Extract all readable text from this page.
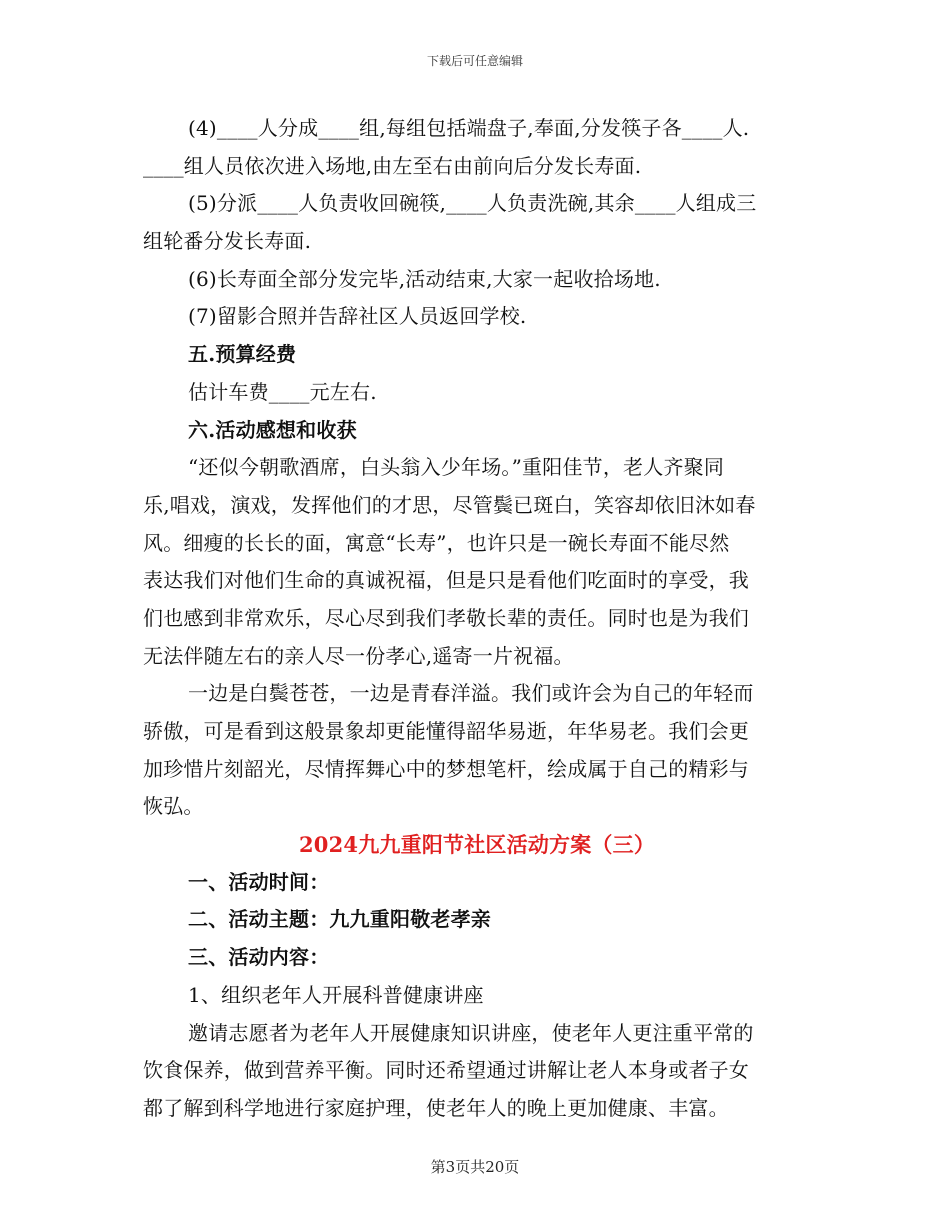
下载后可任意编辑
(4)____人分成____组,每组包括端盘子,奉面,分发筷子各____人.
____组人员依次进入场地,由左至右由前向后分发长寿面.
(5)分派____人负责收回碗筷,____人负责洗碗,其余____人组成三
组轮番分发长寿面.
(6)长寿面全部分发完毕,活动结束,大家一起收拾场地.
(7)留影合照并告辞社区人员返回学校.
五.预算经费
估计车费____元左右.
六.活动感想和收获
“还似今朝歌酒席，白头翁入少年场。”重阳佳节，老人齐聚同
乐,唱戏，演戏，发挥他们的才思，尽管鬓已斑白，笑容却依旧沐如春
风。细瘦的长长的面，寓意“长寿”，也许只是一碗长寿面不能尽然
表达我们对他们生命的真诚祝福，但是只是看他们吃面时的享受，我
们也感到非常欢乐，尽心尽到我们孝敬长辈的责任。同时也是为我们
无法伴随左右的亲人尽一份孝心,遥寄一片祝福。
一边是白鬓苍苍，一边是青春洋溢。我们或许会为自己的年轻而
骄傲，可是看到这般景象却更能懂得韶华易逝，年华易老。我们会更
加珍惜片刻韶光，尽情挥舞心中的梦想笔杆，绘成属于自己的精彩与
恢弘。
2024九九重阳节社区活动方案（三）
一、活动时间：
二、活动主题：九九重阳敬老孝亲
三、活动内容：
1、组织老年人开展科普健康讲座
邀请志愿者为老年人开展健康知识讲座，使老年人更注重平常的
饮食保养，做到营养平衡。同时还希望通过讲解让老人本身或者子女
都了解到科学地进行家庭护理，使老年人的晚上更加健康、丰富。
第3页共20页
